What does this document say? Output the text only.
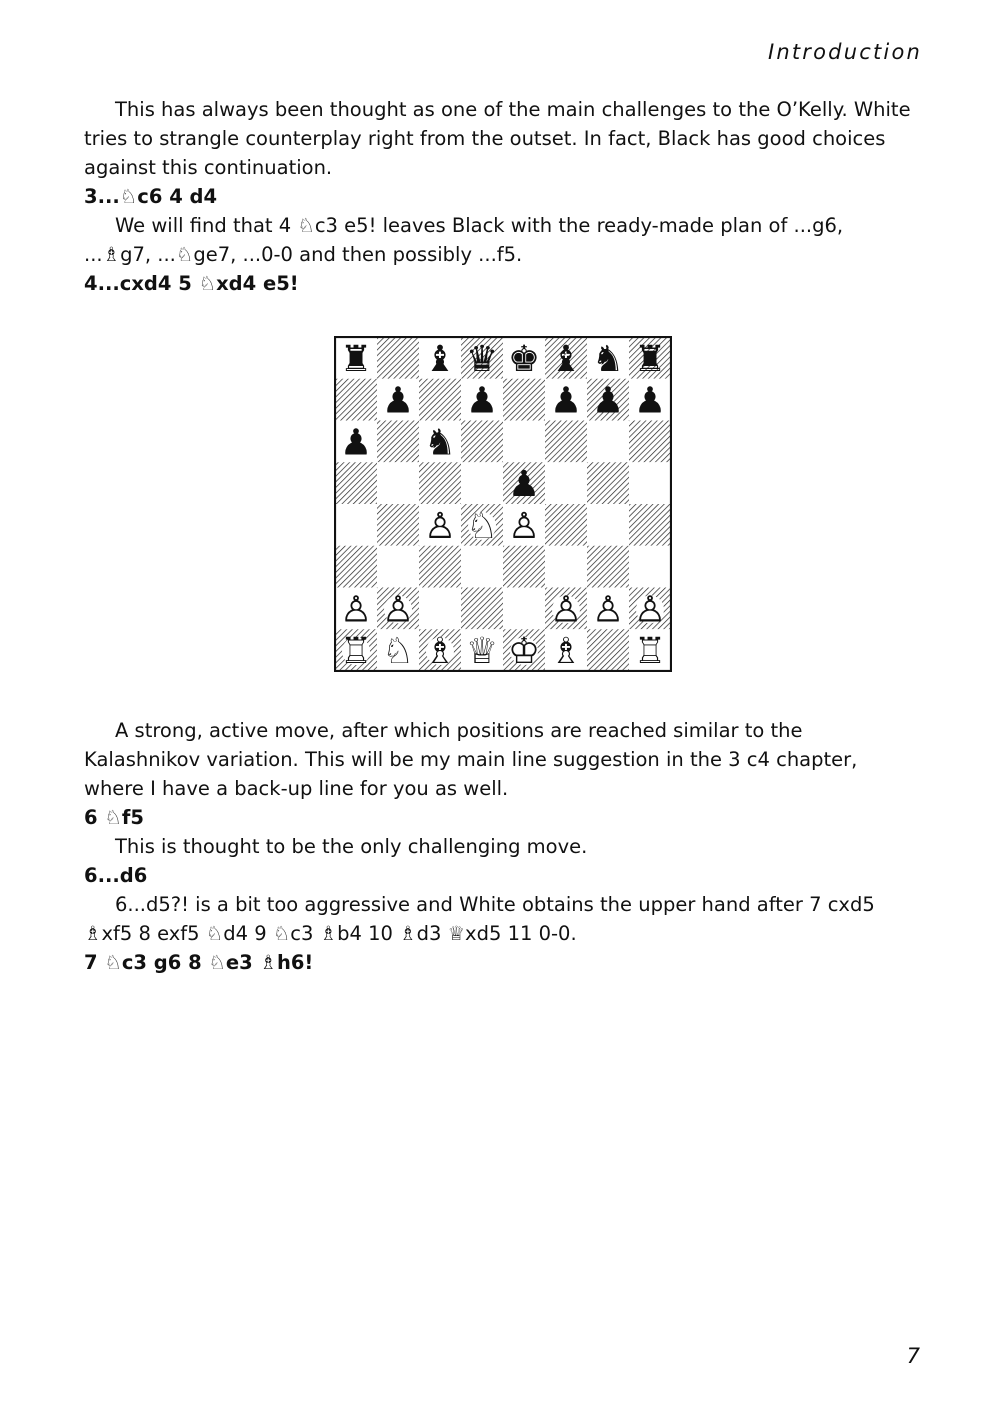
Introduction

This has always been thought as one of the main challenges to the O’Kelly. White tries to strangle counterplay right from the outset. In fact, Black has good choices against this continuation.

3...♘c6 4 d4

We will find that 4 ♘c3 e5! leaves Black with the ready-made plan of ...g6, ...♗g7, ...♘ge7, ...0-0 and then possibly ...f5.

4...cxd4 5 ♘xd4 e5!

♜ ♝ ♛ ♚ ♝ ♞ ♜
♟ ♟ ♟ ♟ ♟
♟ ♞
♟
♙ ♘ ♙
♙ ♙	♙ ♙ ♙
♖ ♘ ♗ ♕ ♔ ♗ ♖

A strong, active move, after which positions are reached similar to the Kalashnikov variation. This will be my main line suggestion in the 3 c4 chapter, where I have a back-up line for you as well.

6 ♘f5

This is thought to be the only challenging move.

6...d6

6...d5?! is a bit too aggressive and White obtains the upper hand after 7 cxd5 ♗xf5 8 exf5 ♘d4 9 ♘c3 ♗b4 10 ♗d3 ♕xd5 11 0-0.

7 ♘c3 g6 8 ♘e3 ♗h6!

7
